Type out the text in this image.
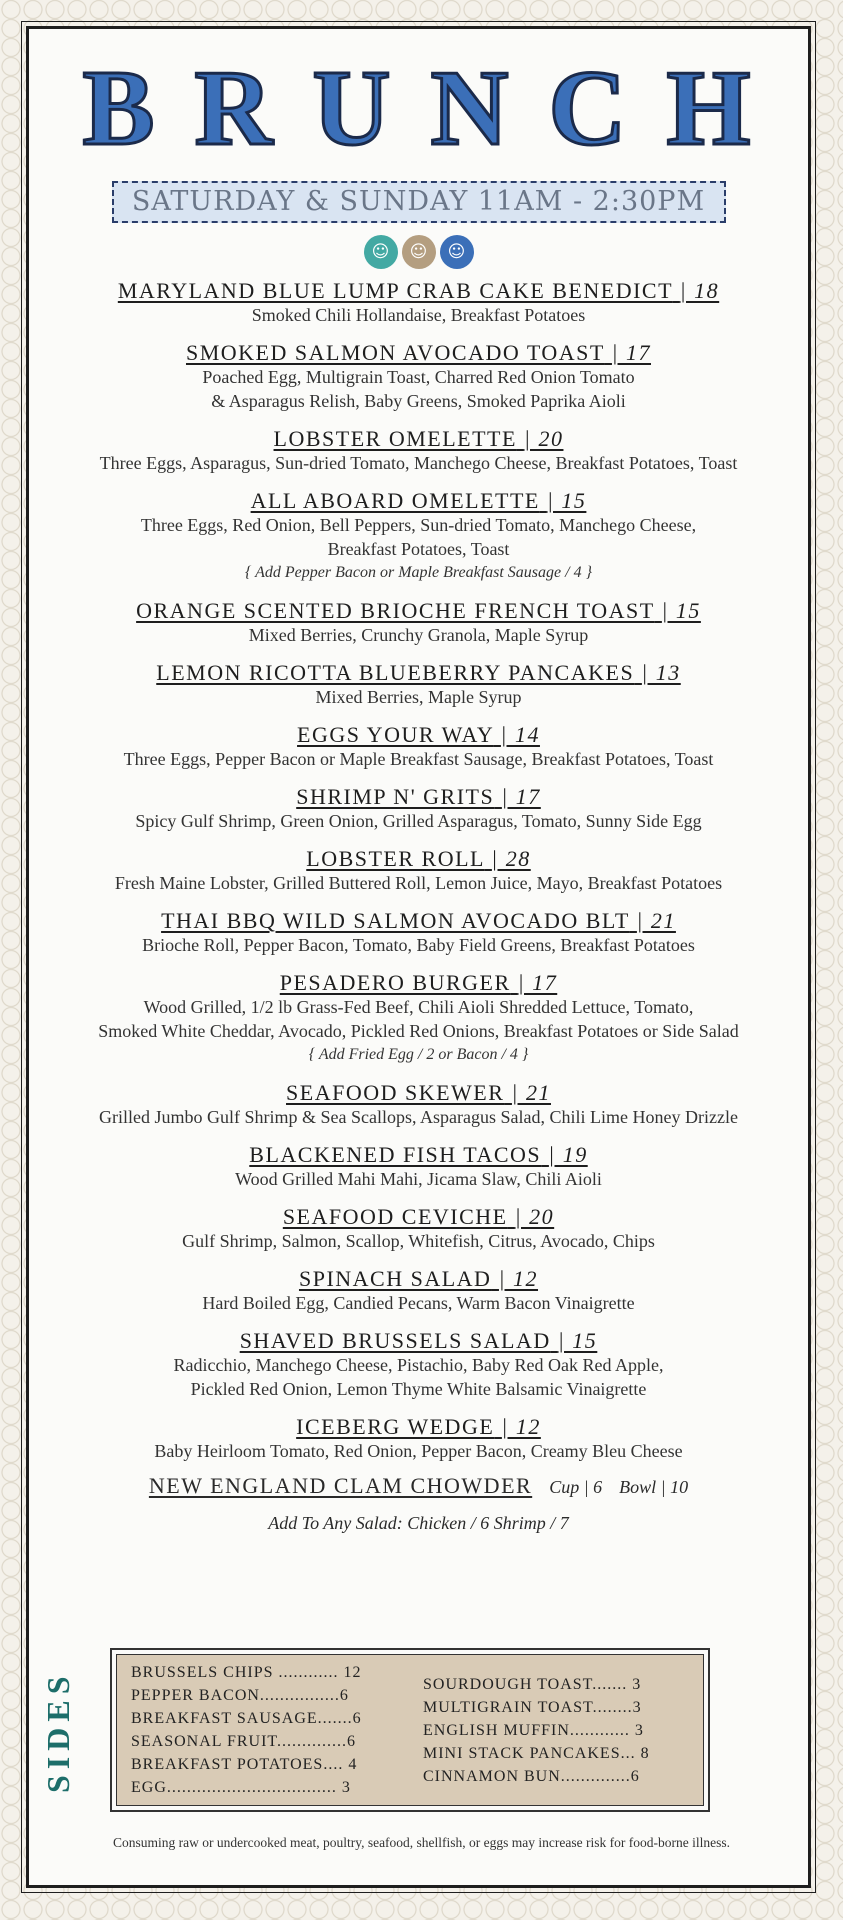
BRUNCH
SATURDAY & SUNDAY 11AM - 2:30PM
☺ ☺ ☺
MARYLAND BLUE LUMP CRAB CAKE BENEDICT | 18
Smoked Chili Hollandaise, Breakfast Potatoes
SMOKED SALMON AVOCADO TOAST | 17
Poached Egg, Multigrain Toast, Charred Red Onion Tomato
& Asparagus Relish, Baby Greens, Smoked Paprika Aioli
LOBSTER OMELETTE | 20
Three Eggs, Asparagus, Sun-dried Tomato, Manchego Cheese, Breakfast Potatoes, Toast
ALL ABOARD OMELETTE | 15
Three Eggs, Red Onion, Bell Peppers, Sun-dried Tomato, Manchego Cheese,
Breakfast Potatoes, Toast
{ Add Pepper Bacon or Maple Breakfast Sausage / 4 }
ORANGE SCENTED BRIOCHE FRENCH TOAST | 15
Mixed Berries, Crunchy Granola, Maple Syrup
LEMON RICOTTA BLUEBERRY PANCAKES | 13
Mixed Berries, Maple Syrup
EGGS YOUR WAY | 14
Three Eggs, Pepper Bacon or Maple Breakfast Sausage, Breakfast Potatoes, Toast
SHRIMP N' GRITS | 17
Spicy Gulf Shrimp, Green Onion, Grilled Asparagus, Tomato, Sunny Side Egg
LOBSTER ROLL | 28
Fresh Maine Lobster, Grilled Buttered Roll, Lemon Juice, Mayo, Breakfast Potatoes
THAI BBQ WILD SALMON AVOCADO BLT | 21
Brioche Roll, Pepper Bacon, Tomato, Baby Field Greens, Breakfast Potatoes
PESADERO BURGER | 17
Wood Grilled, 1/2 lb Grass-Fed Beef, Chili Aioli Shredded Lettuce, Tomato,
Smoked White Cheddar, Avocado, Pickled Red Onions, Breakfast Potatoes or Side Salad
{ Add Fried Egg / 2 or Bacon / 4 }
SEAFOOD SKEWER | 21
Grilled Jumbo Gulf Shrimp & Sea Scallops, Asparagus Salad, Chili Lime Honey Drizzle
BLACKENED FISH TACOS | 19
Wood Grilled Mahi Mahi, Jicama Slaw, Chili Aioli
SEAFOOD CEVICHE | 20
Gulf Shrimp, Salmon, Scallop, Whitefish, Citrus, Avocado, Chips
SPINACH SALAD | 12
Hard Boiled Egg, Candied Pecans, Warm Bacon Vinaigrette
SHAVED BRUSSELS SALAD | 15
Radicchio, Manchego Cheese, Pistachio, Baby Red Oak Red Apple,
Pickled Red Onion, Lemon Thyme White Balsamic Vinaigrette
ICEBERG WEDGE | 12
Baby Heirloom Tomato, Red Onion, Pepper Bacon, Creamy Bleu Cheese
NEW ENGLAND CLAM CHOWDER Cup | 6 Bowl | 10
Add To Any Salad: Chicken / 6 Shrimp / 7
SIDES	BRUSSELS CHIPS ............ 12
PEPPER BACON................6
BREAKFAST SAUSAGE.......6
SEASONAL FRUIT..............6
BREAKFAST POTATOES.... 4
EGG.................................. 3
SOURDOUGH TOAST....... 3
MULTIGRAIN TOAST........3
ENGLISH MUFFIN............ 3
MINI STACK PANCAKES... 8
CINNAMON BUN..............6
Consuming raw or undercooked meat, poultry, seafood, shellfish, or eggs may increase risk for food-borne illness.
